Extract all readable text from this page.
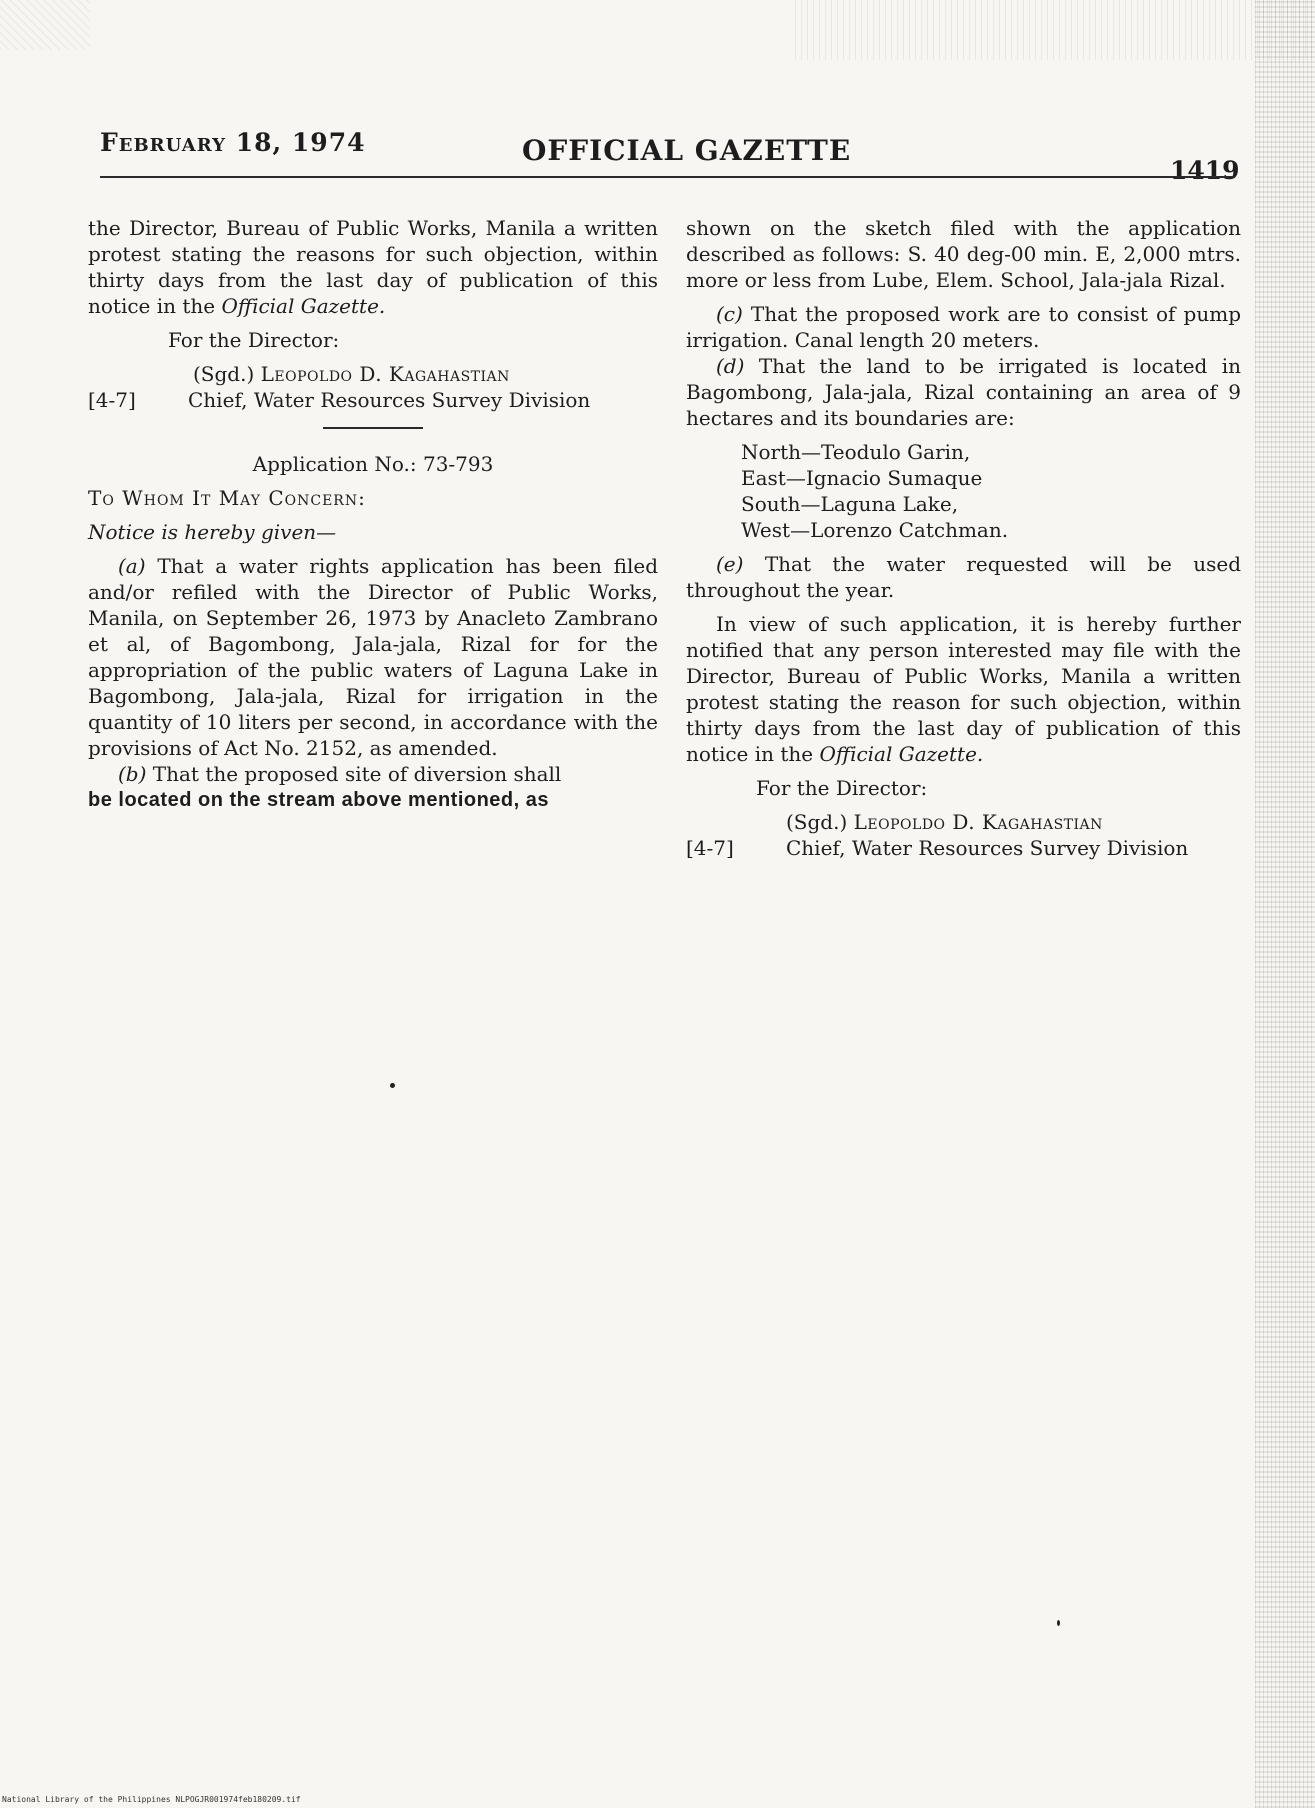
February 18, 1974	OFFICIAL GAZETTE
1419

the Director, Bureau of Public Works, Manila a written protest stating the reasons for such objection, within thirty days from the last day of publication of this notice in the Official Gazette.

For the Director:

(Sgd.) Leopoldo D. Kagahastian

[4-7]	Chief, Water Resources Survey Division

Application No.: 73-793

To Whom It May Concern:

Notice is hereby given—

(a) That a water rights application has been filed and/or refiled with the Director of Public Works, Manila, on September 26, 1973 by Anacleto Zambrano et al, of Bagombong, Jala-jala, Rizal for for the appropriation of the public waters of Laguna Lake in Bagombong, Jala-jala, Rizal for irrigation in the quantity of 10 liters per second, in accordance with the provisions of Act No. 2152, as amended.

(b) That the proposed site of diversion shall

be located on the stream above mentioned, as

shown on the sketch filed with the application described as follows: S. 40 deg-00 min. E, 2,000 mtrs. more or less from Lube, Elem. School, Jala-jala Rizal.

(c) That the proposed work are to consist of pump irrigation. Canal length 20 meters.

(d) That the land to be irrigated is located in Bagombong, Jala-jala, Rizal containing an area of 9 hectares and its boundaries are:

North—Teodulo Garin,

East—Ignacio Sumaque

South—Laguna Lake,

West—Lorenzo Catchman.

(e) That the water requested will be used throughout the year.

In view of such application, it is hereby further notified that any person interested may file with the Director, Bureau of Public Works, Manila a written protest stating the reason for such objection, within thirty days from the last day of publication of this notice in the Official Gazette.

For the Director:

(Sgd.) Leopoldo D. Kagahastian

[4-7]	Chief, Water Resources Survey Division
National Library of the Philippines NLPOGJR001974feb180209.tif
